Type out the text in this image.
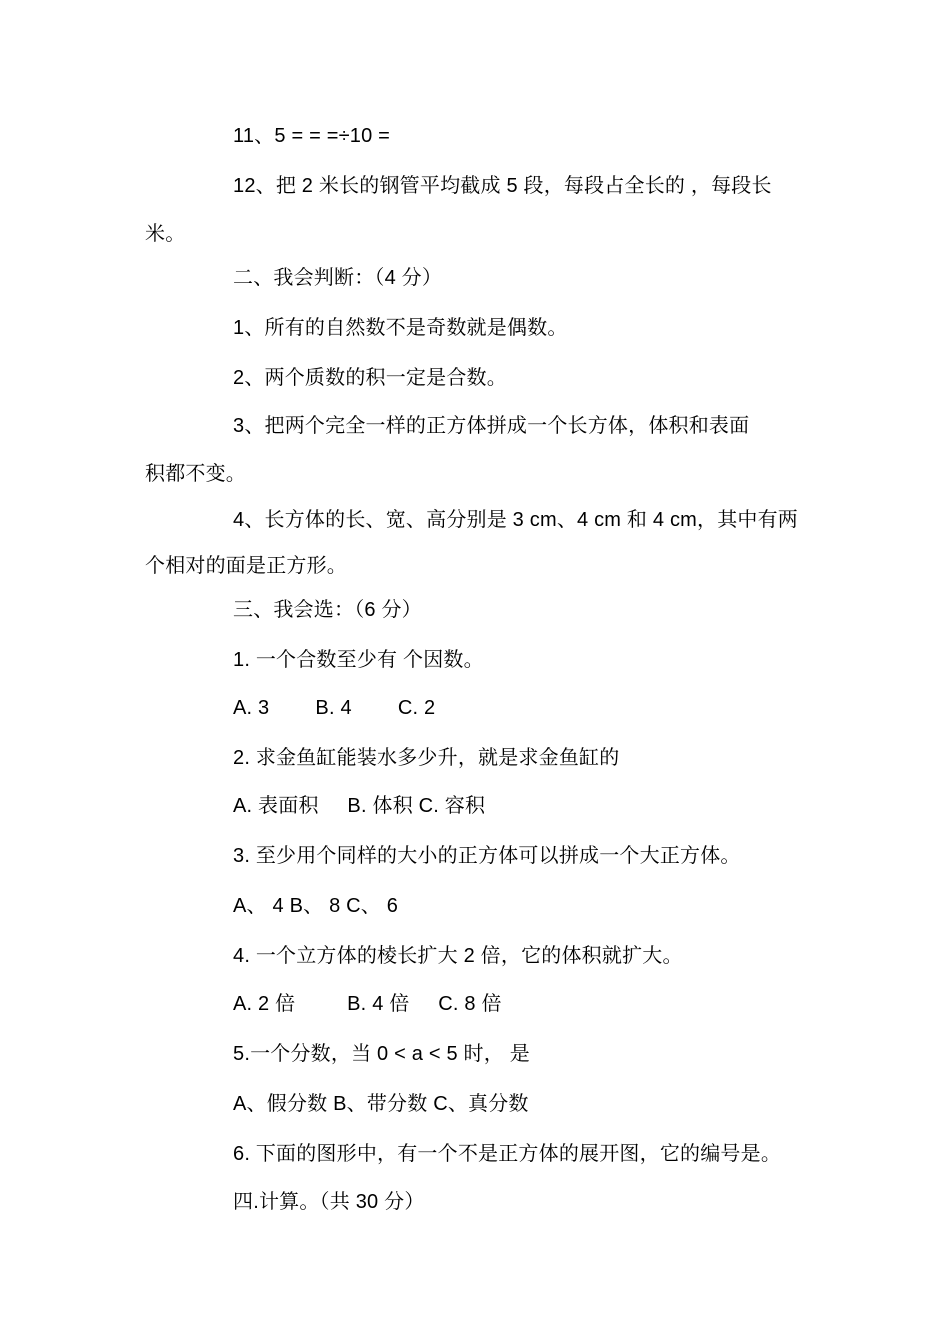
11、5 = = =÷10 =
12、把 2 米长的钢管平均截成 5 段，每段占全长的 ，每段长
米。
二、我会判断：（4 分）
1、所有的自然数不是奇数就是偶数。
2、两个质数的积一定是合数。
3、把两个完全一样的正方体拼成一个长方体，体积和表面
积都不变。
4、长方体的长、宽、高分别是 3 cm、4 cm 和 4 cm，其中有两
个相对的面是正方形。
三、我会选：（6 分）
1. 一个合数至少有 个因数。
A. 3        B. 4        C. 2
2. 求金鱼缸能装水多少升，就是求金鱼缸的
A. 表面积     B. 体积 C. 容积
3. 至少用个同样的大小的正方体可以拼成一个大正方体。
A、 4 B、 8 C、 6
4. 一个立方体的棱长扩大 2 倍，它的体积就扩大。
A. 2 倍         B. 4 倍     C. 8 倍
5.一个分数，当 0 < a < 5 时， 是
A、假分数 B、带分数 C、真分数
6. 下面的图形中，有一个不是正方体的展开图，它的编号是。
四.计算。（共 30 分）
